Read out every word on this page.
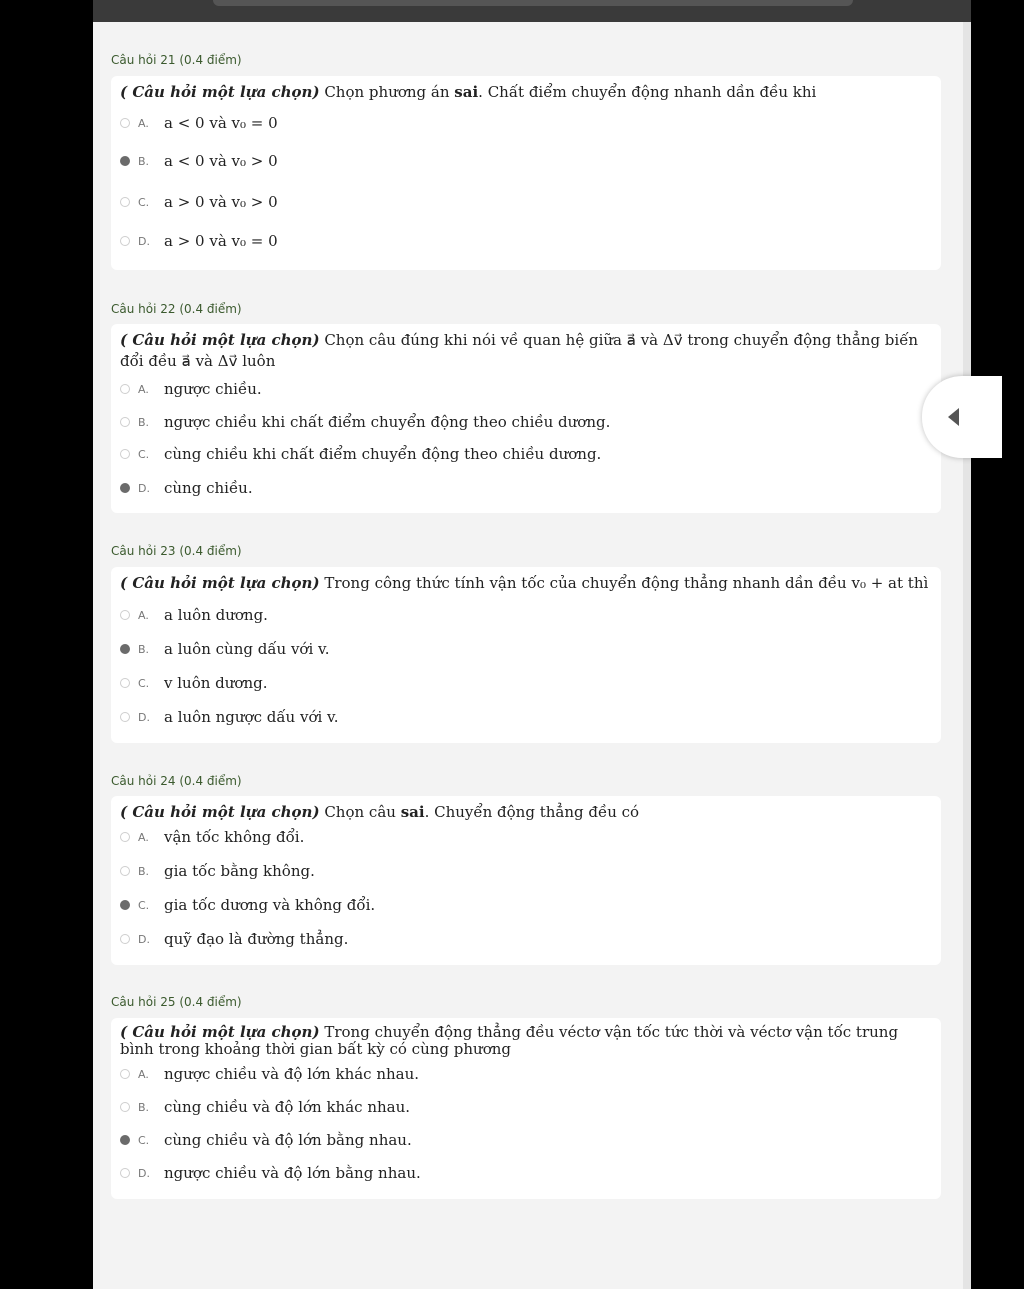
Câu hỏi 21 (0.4 điểm)
( Câu hỏi một lựa chọn) Chọn phương án sai. Chất điểm chuyển động nhanh dần đều khi
A.	a < 0 và v₀ = 0
B. a < 0 và v₀ > 0
C. a > 0 và v₀ > 0
D. a > 0 và v₀ = 0
Câu hỏi 22 (0.4 điểm)
( Câu hỏi một lựa chọn) Chọn câu đúng khi nói về quan hệ giữa a⃗ và Δv⃗ trong chuyển động thẳng biến đổi đều a⃗ và Δv⃗ luôn
A.	ngược chiều.
B. ngược chiều khi chất điểm chuyển động theo chiều dương.
C. cùng chiều khi chất điểm chuyển động theo chiều dương.
D. cùng chiều.
Câu hỏi 23 (0.4 điểm)
( Câu hỏi một lựa chọn) Trong công thức tính vận tốc của chuyển động thẳng nhanh dần đều v₀ + at thì
A.	a luôn dương.
B. a luôn cùng dấu với v.
C. v luôn dương.
D. a luôn ngược dấu với v.
Câu hỏi 24 (0.4 điểm)
( Câu hỏi một lựa chọn) Chọn câu sai. Chuyển động thẳng đều có
A.	vận tốc không đổi.
B. gia tốc bằng không.
C. gia tốc dương và không đổi.
D. quỹ đạo là đường thẳng.
Câu hỏi 25 (0.4 điểm)
( Câu hỏi một lựa chọn) Trong chuyển động thẳng đều véctơ vận tốc tức thời và véctơ vận tốc trung bình trong khoảng thời gian bất kỳ có cùng phương
A.	ngược chiều và độ lớn khác nhau.
B. cùng chiều và độ lớn khác nhau.
C. cùng chiều và độ lớn bằng nhau.
D. ngược chiều và độ lớn bằng nhau.
